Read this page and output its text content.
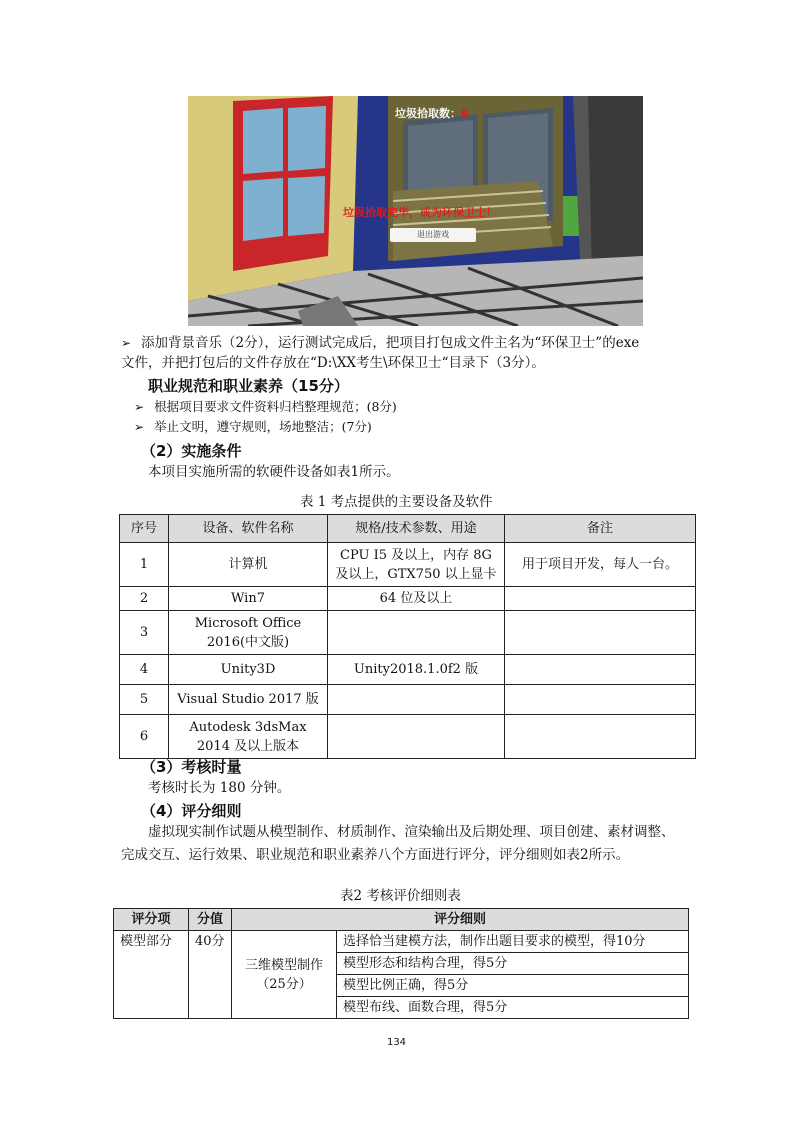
垃圾拾取数：6
垃圾拾取完毕，成为环保卫士！
退出游戏
➢ 添加背景音乐（2分），运行测试完成后，把项目打包成文件主名为“环保卫士”的exe
文件，并把打包后的文件存放在“D:\XX考生\环保卫士“目录下（3分）。
职业规范和职业素养（15分）
➢ 根据项目要求文件资料归档整理规范；(8分)
➢ 举止文明，遵守规则，场地整洁；(7分)
（2）实施条件
本项目实施所需的软硬件设备如表1所示。
表 1 考点提供的主要设备及软件
序号	设备、软件名称	规格/技术参数、用途	备注
1	计算机	CPU I5 及以上，内存 8G 及以上，GTX750 以上显卡	用于项目开发，每人一台。
2	Win7	64 位及以上	
3	Microsoft Office 2016(中文版)		
4	Unity3D	Unity2018.1.0f2 版	
5	Visual Studio 2017 版		
6	Autodesk 3dsMax 2014 及以上版本		
（3）考核时量
考核时长为 180 分钟。
（4）评分细则
虚拟现实制作试题从模型制作、材质制作、渲染输出及后期处理、项目创建、素材调整、
完成交互、运行效果、职业规范和职业素养八个方面进行评分，评分细则如表2所示。
表2 考核评价细则表
评分项	分值	评分细则	
模型部分	40分	三维模型制作（25分）	选择恰当建模方法，制作出题目要求的模型，得10分
			模型形态和结构合理，得5分
			模型比例正确，得5分
			模型布线、面数合理，得5分
134
